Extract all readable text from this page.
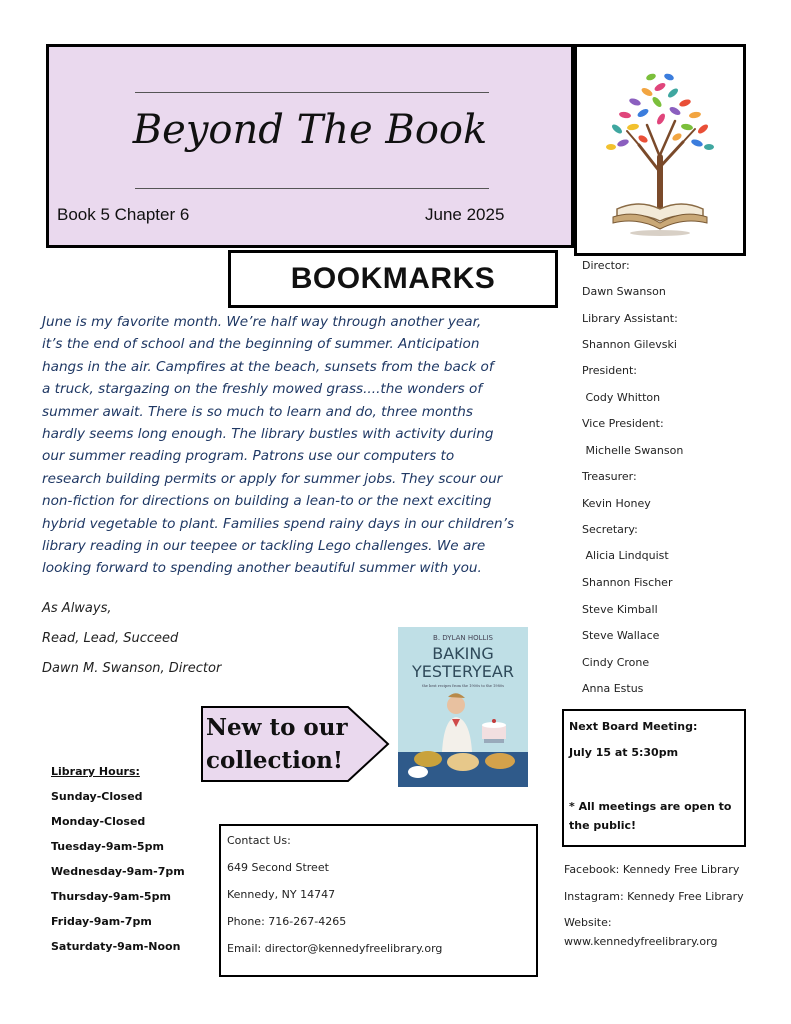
Beyond The Book
Book 5 Chapter 6	June 2025
BOOKMARKS
June is my favorite month. We’re half way through another year,
it’s the end of school and the beginning of summer. Anticipation
hangs in the air. Campfires at the beach, sunsets from the back of
a truck, stargazing on the freshly mowed grass....the wonders of
summer await. There is so much to learn and do, three months
hardly seems long enough. The library bustles with activity during
our summer reading program. Patrons use our computers to
research building permits or apply for summer jobs. They scour our
non-fiction for directions on building a lean-to or the next exciting
hybrid vegetable to plant. Families spend rainy days in our children’s
library reading in our teepee or tackling Lego challenges. We are
looking forward to spending another beautiful summer with you.
As Always,
Read, Lead, Succeed
Dawn M. Swanson, Director
Director:
Dawn Swanson
Library Assistant:
Shannon Gilevski
President:
Cody Whitton
Vice President:
Michelle Swanson
Treasurer:
Kevin Honey
Secretary:
Alicia Lindquist
Shannon Fischer
Steve Kimball
Steve Wallace
Cindy Crone
Anna Estus
New to our
collection!
B. DYLAN HOLLIS
BAKING
YESTERYEAR
the best recipes from the 1900s to the 1980s
Library Hours:
Sunday-Closed
Monday-Closed
Tuesday-9am-5pm
Wednesday-9am-7pm
Thursday-9am-5pm
Friday-9am-7pm
Saturdaty-9am-Noon
Contact Us:
649 Second Street
Kennedy, NY 14747
Phone: 716-267-4265
Email: director@kennedyfreelibrary.org
Next Board Meeting:
July 15 at 5:30pm
* All meetings are open to the public!
Facebook: Kennedy Free Library
Instagram: Kennedy Free Library
Website:
www.kennedyfreelibrary.org
